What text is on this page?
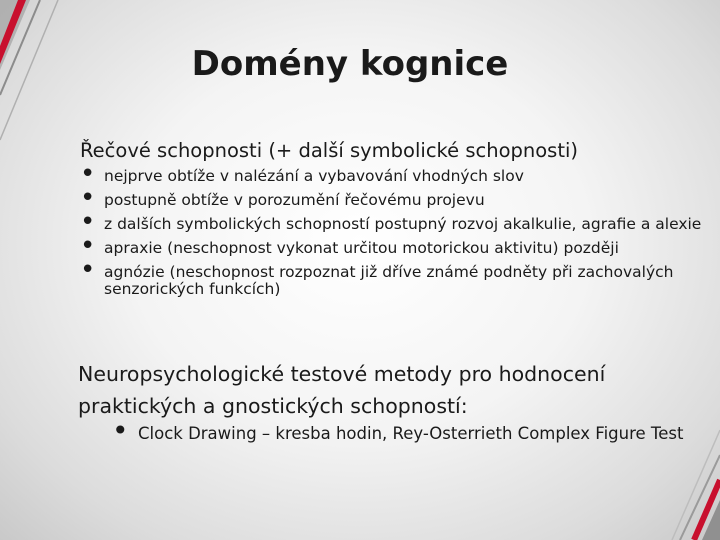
Domény kognice
Řečové schopnosti (+ další symbolické schopnosti)
• nejprve obtíže v nalézání a vybavování vhodných slov
• postupně obtíže v porozumění řečovému projevu
• z dalších symbolických schopností postupný rozvoj akalkulie, agrafie a alexie
• apraxie (neschopnost vykonat určitou motorickou aktivitu) později
• agnózie (neschopnost rozpoznat již dříve známé podněty při zachovalých senzorických funkcích)
Neuropsychologické testové metody pro hodnocení praktických a gnostických schopností:
• Clock Drawing – kresba hodin, Rey-Osterrieth Complex Figure Test
